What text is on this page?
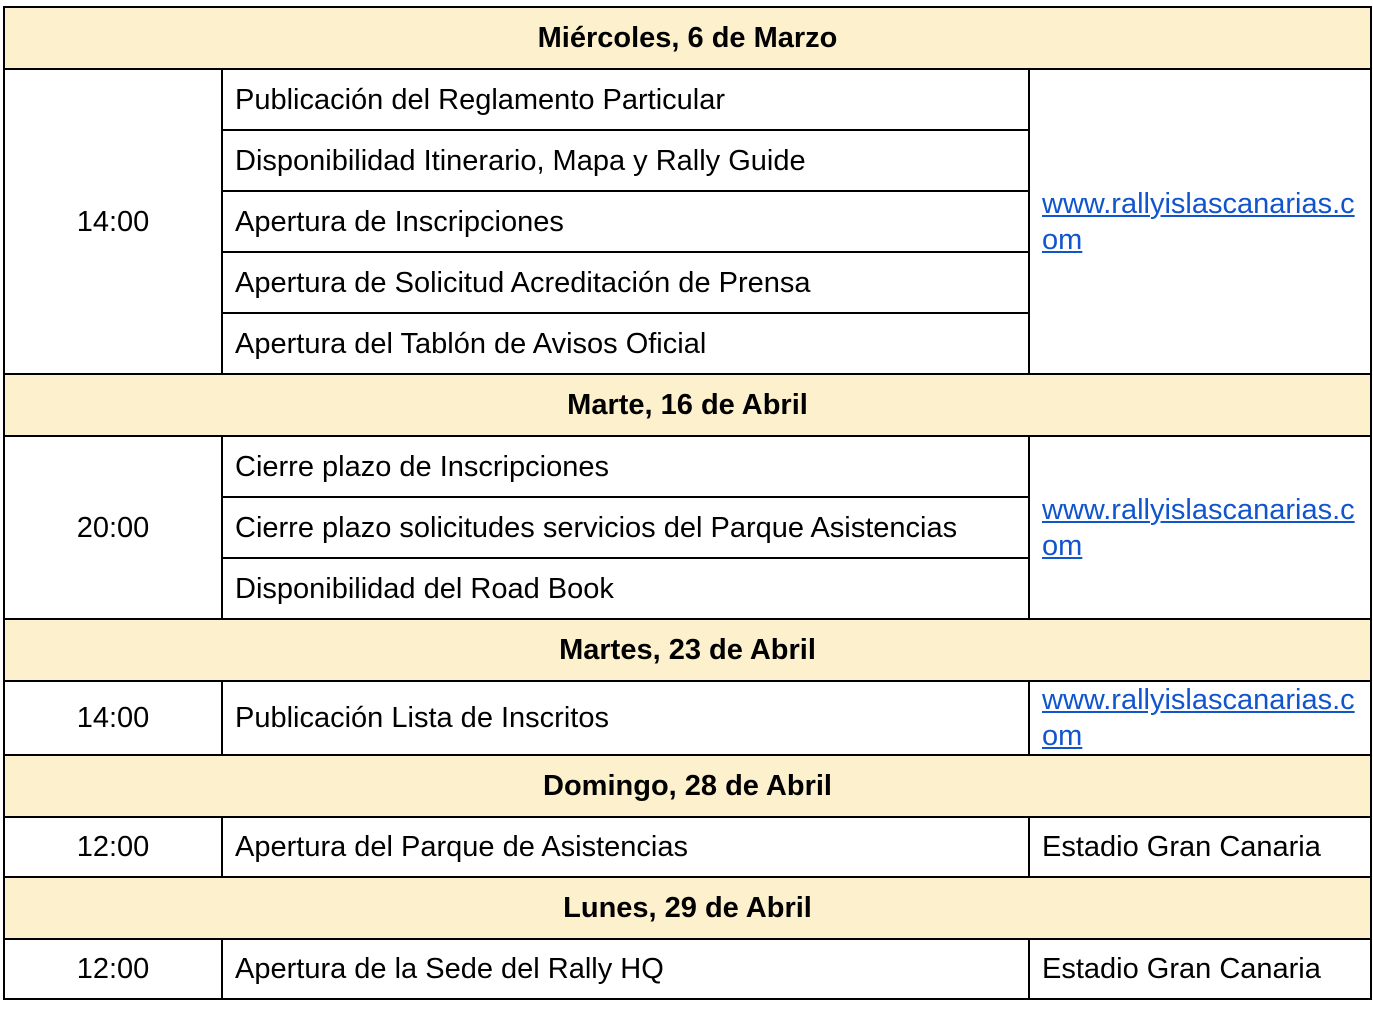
Miércoles, 6 de Marzo		
14:00	Publicación del Reglamento Particular	www.rallyislascanarias.com

	Disponibilidad Itinerario, Mapa y Rally Guide	
	Apertura de Inscripciones	
	Apertura de Solicitud Acreditación de Prensa	
	Apertura del Tablón de Avisos Oficial	
Marte, 16 de Abril		
20:00	Cierre plazo de Inscripciones	www.rallyislascanarias.com

	Cierre plazo solicitudes servicios del Parque Asistencias	
	Disponibilidad del Road Book	
Martes, 23 de Abril		
14:00	Publicación Lista de Inscritos	www.rallyislascanarias.com

Domingo, 28 de Abril		
12:00	Apertura del Parque de Asistencias	Estadio Gran Canaria
Lunes, 29 de Abril		
12:00	Apertura de la Sede del Rally HQ	Estadio Gran Canaria
